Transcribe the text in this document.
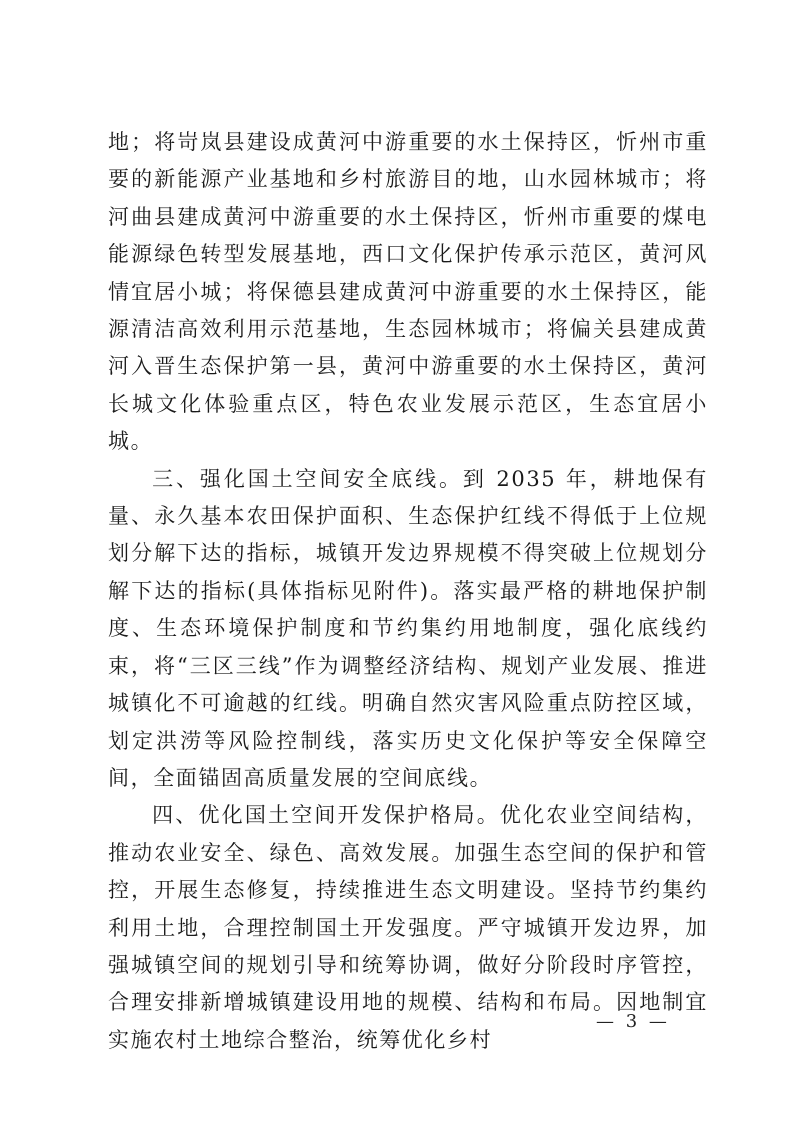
地；将岢岚县建设成黄河中游重要的水土保持区，忻州市重要的新能源产业基地和乡村旅游目的地，山水园林城市；将河曲县建成黄河中游重要的水土保持区，忻州市重要的煤电能源绿色转型发展基地，西口文化保护传承示范区，黄河风情宜居小城；将保德县建成黄河中游重要的水土保持区，能源清洁高效利用示范基地，生态园林城市；将偏关县建成黄河入晋生态保护第一县，黄河中游重要的水土保持区，黄河长城文化体验重点区，特色农业发展示范区，生态宜居小城。

三、强化国土空间安全底线。到 2035 年，耕地保有量、永久基本农田保护面积、生态保护红线不得低于上位规划分解下达的指标，城镇开发边界规模不得突破上位规划分解下达的指标(具体指标见附件)。落实最严格的耕地保护制度、生态环境保护制度和节约集约用地制度，强化底线约束，将“三区三线”作为调整经济结构、规划产业发展、推进城镇化不可逾越的红线。明确自然灾害风险重点防控区域，划定洪涝等风险控制线，落实历史文化保护等安全保障空间，全面锚固高质量发展的空间底线。

四、优化国土空间开发保护格局。优化农业空间结构，推动农业安全、绿色、高效发展。加强生态空间的保护和管控，开展生态修复，持续推进生态文明建设。坚持节约集约利用土地，合理控制国土开发强度。严守城镇开发边界，加强城镇空间的规划引导和统筹协调，做好分阶段时序管控，合理安排新增城镇建设用地的规模、结构和布局。因地制宜实施农村土地综合整治，统筹优化乡村

— 3 —
